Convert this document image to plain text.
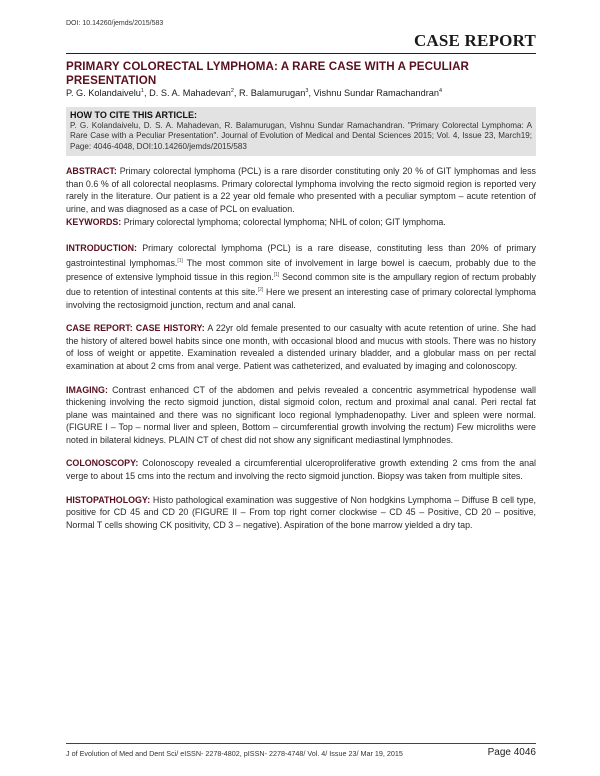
DOI: 10.14260/jemds/2015/583

CASE REPORT
PRIMARY COLORECTAL LYMPHOMA: A RARE CASE WITH A PECULIAR PRESENTATION

P. G. Kolandaivelu$^1$, D. S. A. Mahadevan$^2$, R. Balamurugan$^3$, Vishnu Sundar Ramachandran$^4$

HOW TO CITE THIS ARTICLE:

P. G. Kolandaivelu, D. S. A. Mahadevan, R. Balamurugan, Vishnu Sundar Ramachandran. "Primary Colorectal Lymphoma: A Rare Case with a Peculiar Presentation". Journal of Evolution of Medical and Dental Sciences 2015; Vol. 4, Issue 23, March19; Page: 4046-4048, DOI:10.14260/jemds/2015/583

ABSTRACT: Primary colorectal lymphoma (PCL) is a rare disorder constituting only 20 % of GIT lymphomas and less than 0.6 % of all colorectal neoplasms. Primary colorectal lymphoma involving the recto sigmoid region is reported very rarely in the literature. Our patient is a 22 year old female who presented with a peculiar symptom – acute retention of urine, and was diagnosed as a case of PCL on evaluation.

KEYWORDS: Primary colorectal lymphoma; colorectal lymphoma; NHL of colon; GIT lymphoma.

INTRODUCTION: Primary colorectal lymphoma (PCL) is a rare disease, constituting less than 20% of primary gastrointestinal lymphomas.[1] The most common site of involvement in large bowel is caecum, probably due to the presence of extensive lymphoid tissue in this region.[1] Second common site is the ampullary region of rectum probably due to retention of intestinal contents at this site.[2] Here we present an interesting case of primary colorectal lymphoma involving the rectosigmoid junction, rectum and anal canal.

CASE REPORT: CASE HISTORY: A 22yr old female presented to our casualty with acute retention of urine. She had the history of altered bowel habits since one month, with occasional blood and mucus with stools. There was no history of loss of weight or appetite. Examination revealed a distended urinary bladder, and a globular mass on per rectal examination at about 2 cms from anal verge. Patient was catheterized, and evaluated by imaging and colonoscopy.

IMAGING: Contrast enhanced CT of the abdomen and pelvis revealed a concentric asymmetrical hypodense wall thickening involving the recto sigmoid junction, distal sigmoid colon, rectum and proximal anal canal. Peri rectal fat plane was maintained and there was no significant loco regional lymphadenopathy. Liver and spleen were normal. (FIGURE I – Top – normal liver and spleen, Bottom – circumferential growth involving the rectum) Few microliths were noted in bilateral kidneys. PLAIN CT of chest did not show any significant mediastinal lymphnodes.

COLONOSCOPY: Colonoscopy revealed a circumferential ulceroproliferative growth extending 2 cms from the anal verge to about 15 cms into the rectum and involving the recto sigmoid junction. Biopsy was taken from multiple sites.

HISTOPATHOLOGY: Histo pathological examination was suggestive of Non hodgkins Lymphoma – Diffuse B cell type, positive for CD 45 and CD 20 (FIGURE II – From top right corner clockwise – CD 45 – Positive, CD 20 – positive, Normal T cells showing CK positivity, CD 3 – negative). Aspiration of the bone marrow yielded a dry tap.

J of Evolution of Med and Dent Sci/ eISSN- 2278-4802, pISSN- 2278-4748/ Vol. 4/ Issue 23/ Mar 19, 2015	Page 4046
